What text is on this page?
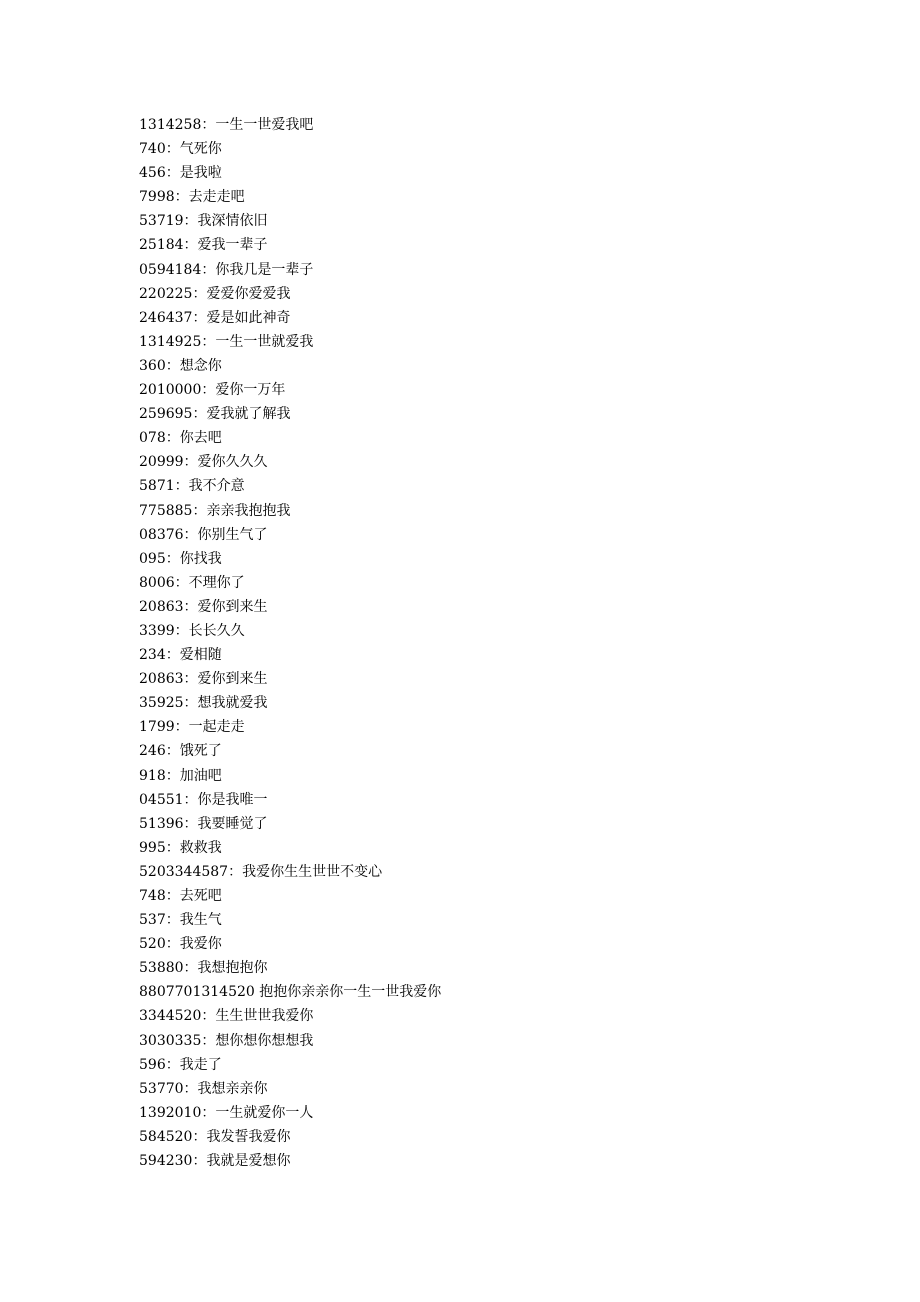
1314258：一生一世爱我吧
740：气死你
456：是我啦
7998：去走走吧
53719：我深情依旧
25184：爱我一辈子
0594184：你我几是一辈子
220225：爱爱你爱爱我
246437：爱是如此神奇
1314925：一生一世就爱我
360：想念你
2010000：爱你一万年
259695：爱我就了解我
078：你去吧
20999：爱你久久久
5871：我不介意
775885：亲亲我抱抱我
08376：你别生气了
095：你找我
8006：不理你了
20863：爱你到来生
3399：长长久久
234：爱相随
20863：爱你到来生
35925：想我就爱我
1799：一起走走
246：饿死了
918：加油吧
04551：你是我唯一
51396：我要睡觉了
995：救救我
5203344587：我爱你生生世世不变心
748：去死吧
537：我生气
520：我爱你
53880：我想抱抱你
8807701314520 抱抱你亲亲你一生一世我爱你
3344520：生生世世我爱你
3030335：想你想你想想我
596：我走了
53770：我想亲亲你
1392010：一生就爱你一人
584520：我发誓我爱你
594230：我就是爱想你
